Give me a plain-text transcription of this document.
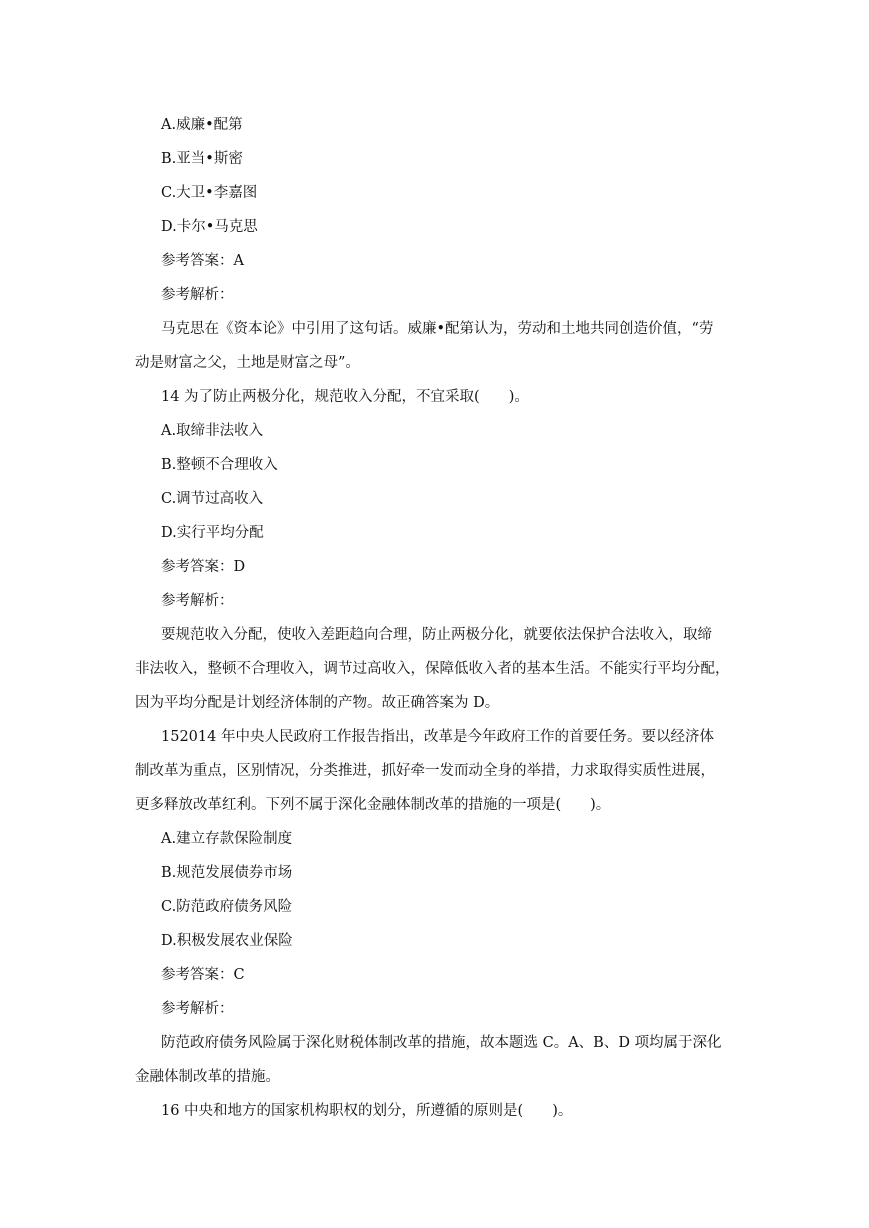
A.威廉•配第
B.亚当•斯密
C.大卫•李嘉图
D.卡尔•马克思
参考答案：A
参考解析：
马克思在《资本论》中引用了这句话。威廉•配第认为，劳动和土地共同创造价值，“劳
动是财富之父，土地是财富之母”。
14 为了防止两极分化，规范收入分配，不宜采取(　　)。
A.取缔非法收入
B.整顿不合理收入
C.调节过高收入
D.实行平均分配
参考答案：D
参考解析：
要规范收入分配，使收入差距趋向合理，防止两极分化，就要依法保护合法收入，取缔
非法收入，整顿不合理收入，调节过高收入，保障低收入者的基本生活。不能实行平均分配，
因为平均分配是计划经济体制的产物。故正确答案为 D。
152014 年中央人民政府工作报告指出，改革是今年政府工作的首要任务。要以经济体
制改革为重点，区别情况，分类推进，抓好牵一发而动全身的举措，力求取得实质性进展，
更多释放改革红利。下列不属于深化金融体制改革的措施的一项是(　　)。
A.建立存款保险制度
B.规范发展债券市场
C.防范政府债务风险
D.积极发展农业保险
参考答案：C
参考解析：
防范政府债务风险属于深化财税体制改革的措施，故本题选 C。A、B、D 项均属于深化
金融体制改革的措施。
16 中央和地方的国家机构职权的划分，所遵循的原则是(　　)。
